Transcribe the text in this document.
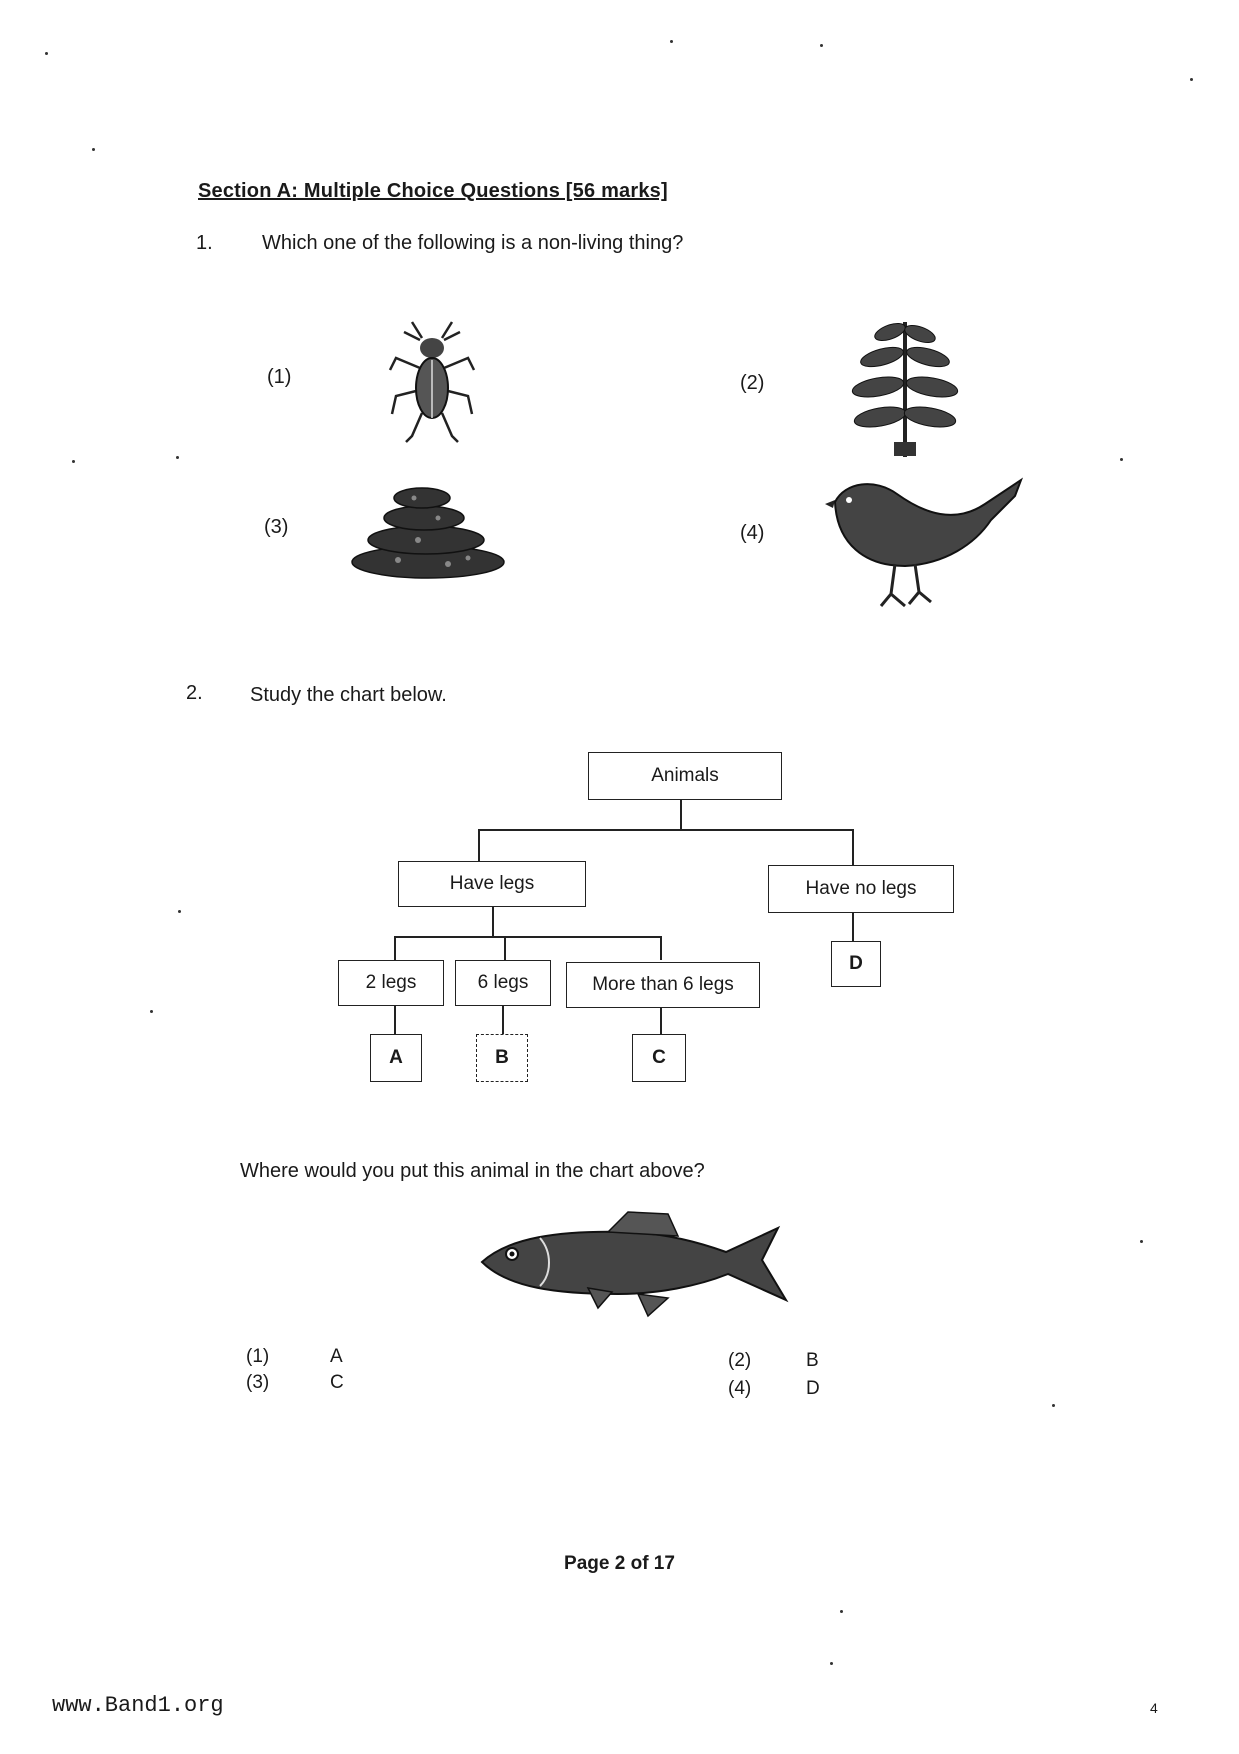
Section A: Multiple Choice Questions [56 marks]
1. Which one of the following is a non-living thing?
(1)	(2)
(3)	(4)
2. Study the chart below.
Animals
Have legs	Have no legs
2 legs	6 legs	More than 6 legs
D
A	B	C
Where would you put this animal in the chart above?
(1)	A	(2)	B
(3)	C	(4)	D
Page 2 of 17
www.Band1.org	4
